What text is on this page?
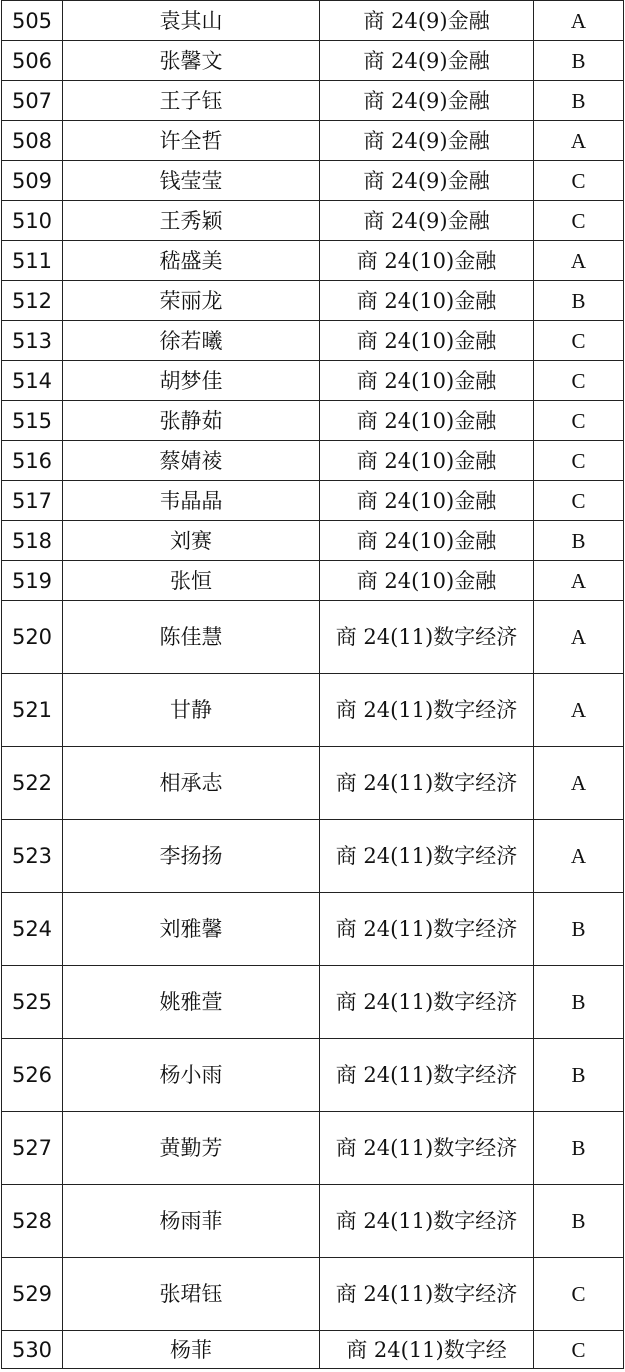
505	袁其山	商 24(9)金融	A
506	张馨文	商 24(9)金融	B
507	王子钰	商 24(9)金融	B
508	许全哲	商 24(9)金融	A
509	钱莹莹	商 24(9)金融	C
510	王秀颖	商 24(9)金融	C
511	嵇盛美	商 24(10)金融	A
512	荣丽龙	商 24(10)金融	B
513	徐若曦	商 24(10)金融	C
514	胡梦佳	商 24(10)金融	C
515	张静茹	商 24(10)金融	C
516	蔡婧祾	商 24(10)金融	C
517	韦晶晶	商 24(10)金融	C
518	刘赛	商 24(10)金融	B
519	张恒	商 24(10)金融	A
520	陈佳慧	商 24(11)数字经济	A
521	甘静	商 24(11)数字经济	A
522	相承志	商 24(11)数字经济	A
523	李扬扬	商 24(11)数字经济	A
524	刘雅馨	商 24(11)数字经济	B
525	姚雅萱	商 24(11)数字经济	B
526	杨小雨	商 24(11)数字经济	B
527	黄勤芳	商 24(11)数字经济	B
528	杨雨菲	商 24(11)数字经济	B
529	张珺钰	商 24(11)数字经济	C
530	杨菲	商 24(11)数字经	C
